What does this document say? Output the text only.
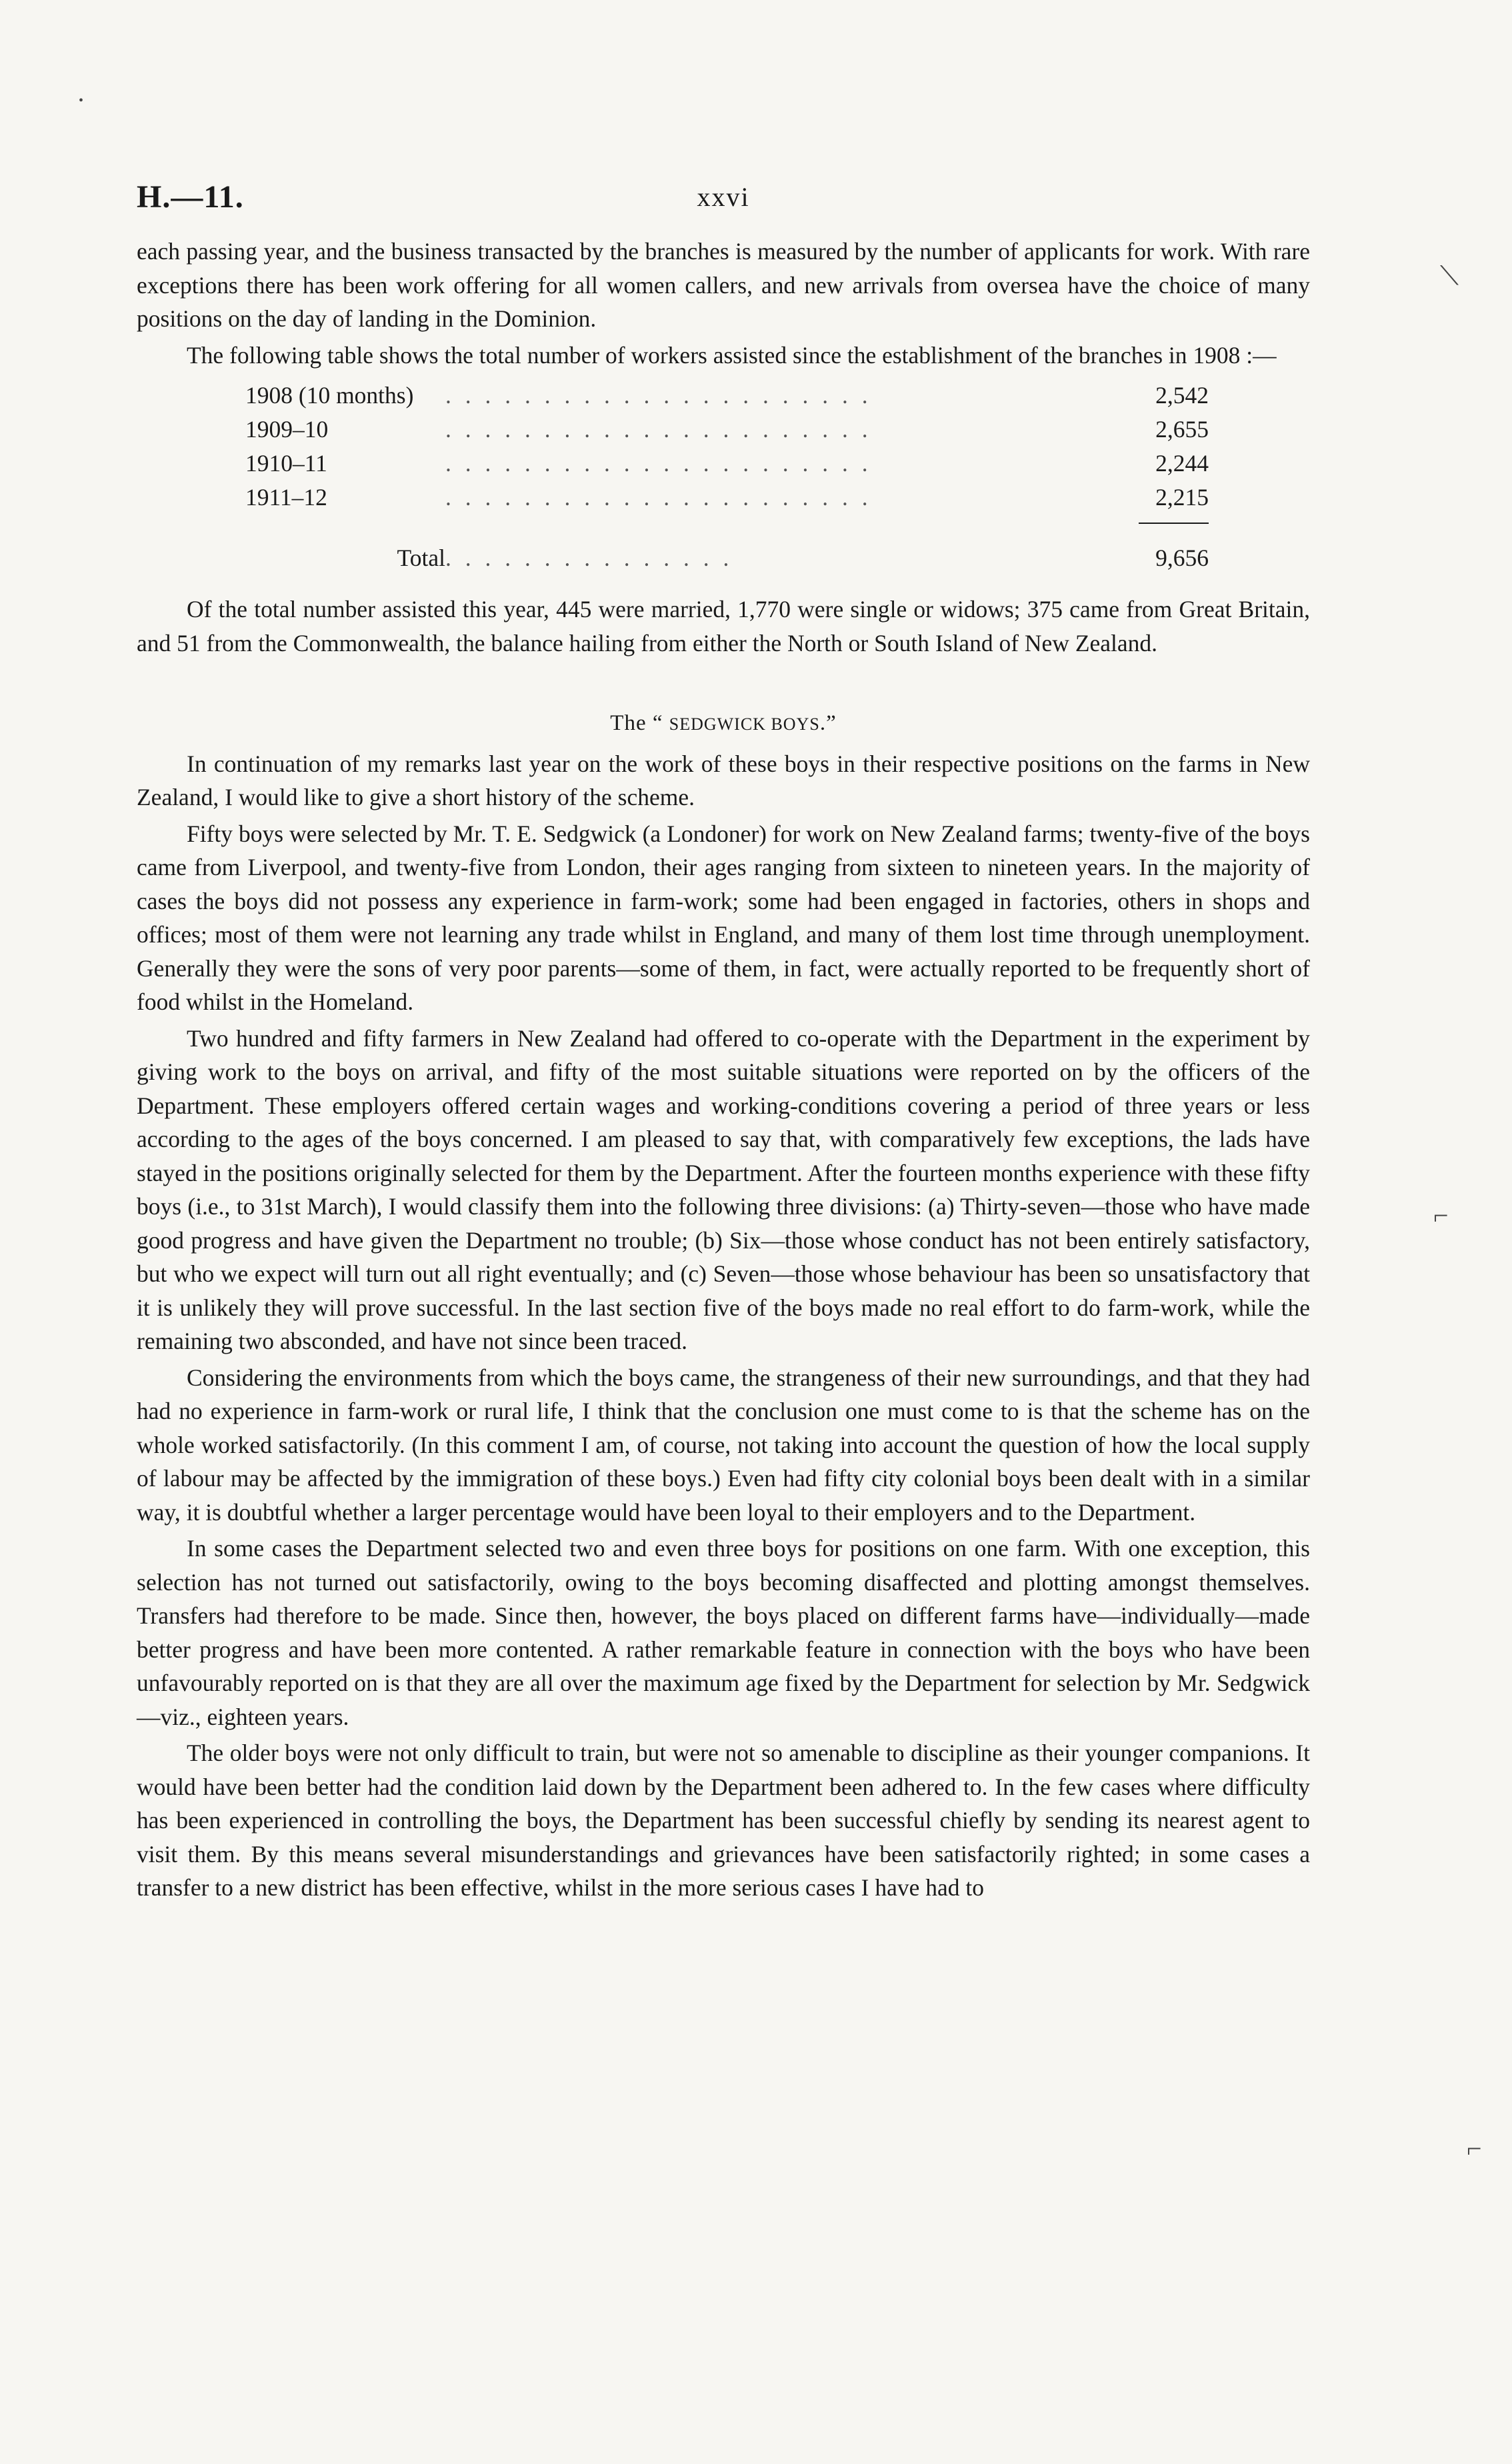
•
⟍
⌐
⌐
H.—11.	xxvi

each passing year, and the business transacted by the branches is measured by the number of applicants for work. With rare exceptions there has been work offering for all women callers, and new arrivals from oversea have the choice of many positions on the day of landing in the Dominion.

The following table shows the total number of workers assisted since the establishment of the branches in 1908 :—

1908 (10 months)	. . . . . . . . . . . . . . . . . . . . . .	2,542
1909–10	. . . . . . . . . . . . . . . . . . . . . .	2,655
1910–11	. . . . . . . . . . . . . . . . . . . . . .	2,244
1911–12	. . . . . . . . . . . . . . . . . . . . . .	2,215
Total	. . . . . . . . . . . . . . .	9,656

Of the total number assisted this year, 445 were married, 1,770 were single or widows; 375 came from Great Britain, and 51 from the Commonwealth, the balance hailing from either the North or South Island of New Zealand.

The “ SEDGWICK BOYS.”

In continuation of my remarks last year on the work of these boys in their respective positions on the farms in New Zealand, I would like to give a short history of the scheme.

Fifty boys were selected by Mr. T. E. Sedgwick (a Londoner) for work on New Zealand farms; twenty-five of the boys came from Liverpool, and twenty-five from London, their ages ranging from sixteen to nineteen years. In the majority of cases the boys did not possess any experience in farm-work; some had been engaged in factories, others in shops and offices; most of them were not learning any trade whilst in England, and many of them lost time through unemployment. Generally they were the sons of very poor parents—some of them, in fact, were actually reported to be frequently short of food whilst in the Homeland.

Two hundred and fifty farmers in New Zealand had offered to co-operate with the Department in the experiment by giving work to the boys on arrival, and fifty of the most suitable situations were reported on by the officers of the Department. These employers offered certain wages and working-conditions covering a period of three years or less according to the ages of the boys concerned. I am pleased to say that, with comparatively few exceptions, the lads have stayed in the positions originally selected for them by the Department. After the fourteen months experience with these fifty boys (i.e., to 31st March), I would classify them into the following three divisions: (a) Thirty-seven—those who have made good progress and have given the Department no trouble; (b) Six—those whose conduct has not been entirely satisfactory, but who we expect will turn out all right eventually; and (c) Seven—those whose behaviour has been so unsatisfactory that it is unlikely they will prove successful. In the last section five of the boys made no real effort to do farm-work, while the remaining two absconded, and have not since been traced.

Considering the environments from which the boys came, the strangeness of their new surroundings, and that they had had no experience in farm-work or rural life, I think that the conclusion one must come to is that the scheme has on the whole worked satisfactorily. (In this comment I am, of course, not taking into account the question of how the local supply of labour may be affected by the immigration of these boys.) Even had fifty city colonial boys been dealt with in a similar way, it is doubtful whether a larger percentage would have been loyal to their employers and to the Department.

In some cases the Department selected two and even three boys for positions on one farm. With one exception, this selection has not turned out satisfactorily, owing to the boys becoming disaffected and plotting amongst themselves. Transfers had therefore to be made. Since then, however, the boys placed on different farms have—individually—made better progress and have been more contented. A rather remarkable feature in connection with the boys who have been unfavourably reported on is that they are all over the maximum age fixed by the Department for selection by Mr. Sedgwick—viz., eighteen years.

The older boys were not only difficult to train, but were not so amenable to discipline as their younger companions. It would have been better had the condition laid down by the Department been adhered to. In the few cases where difficulty has been experienced in controlling the boys, the Department has been successful chiefly by sending its nearest agent to visit them. By this means several misunderstandings and grievances have been satisfactorily righted; in some cases a transfer to a new district has been effective, whilst in the more serious cases I have had to
